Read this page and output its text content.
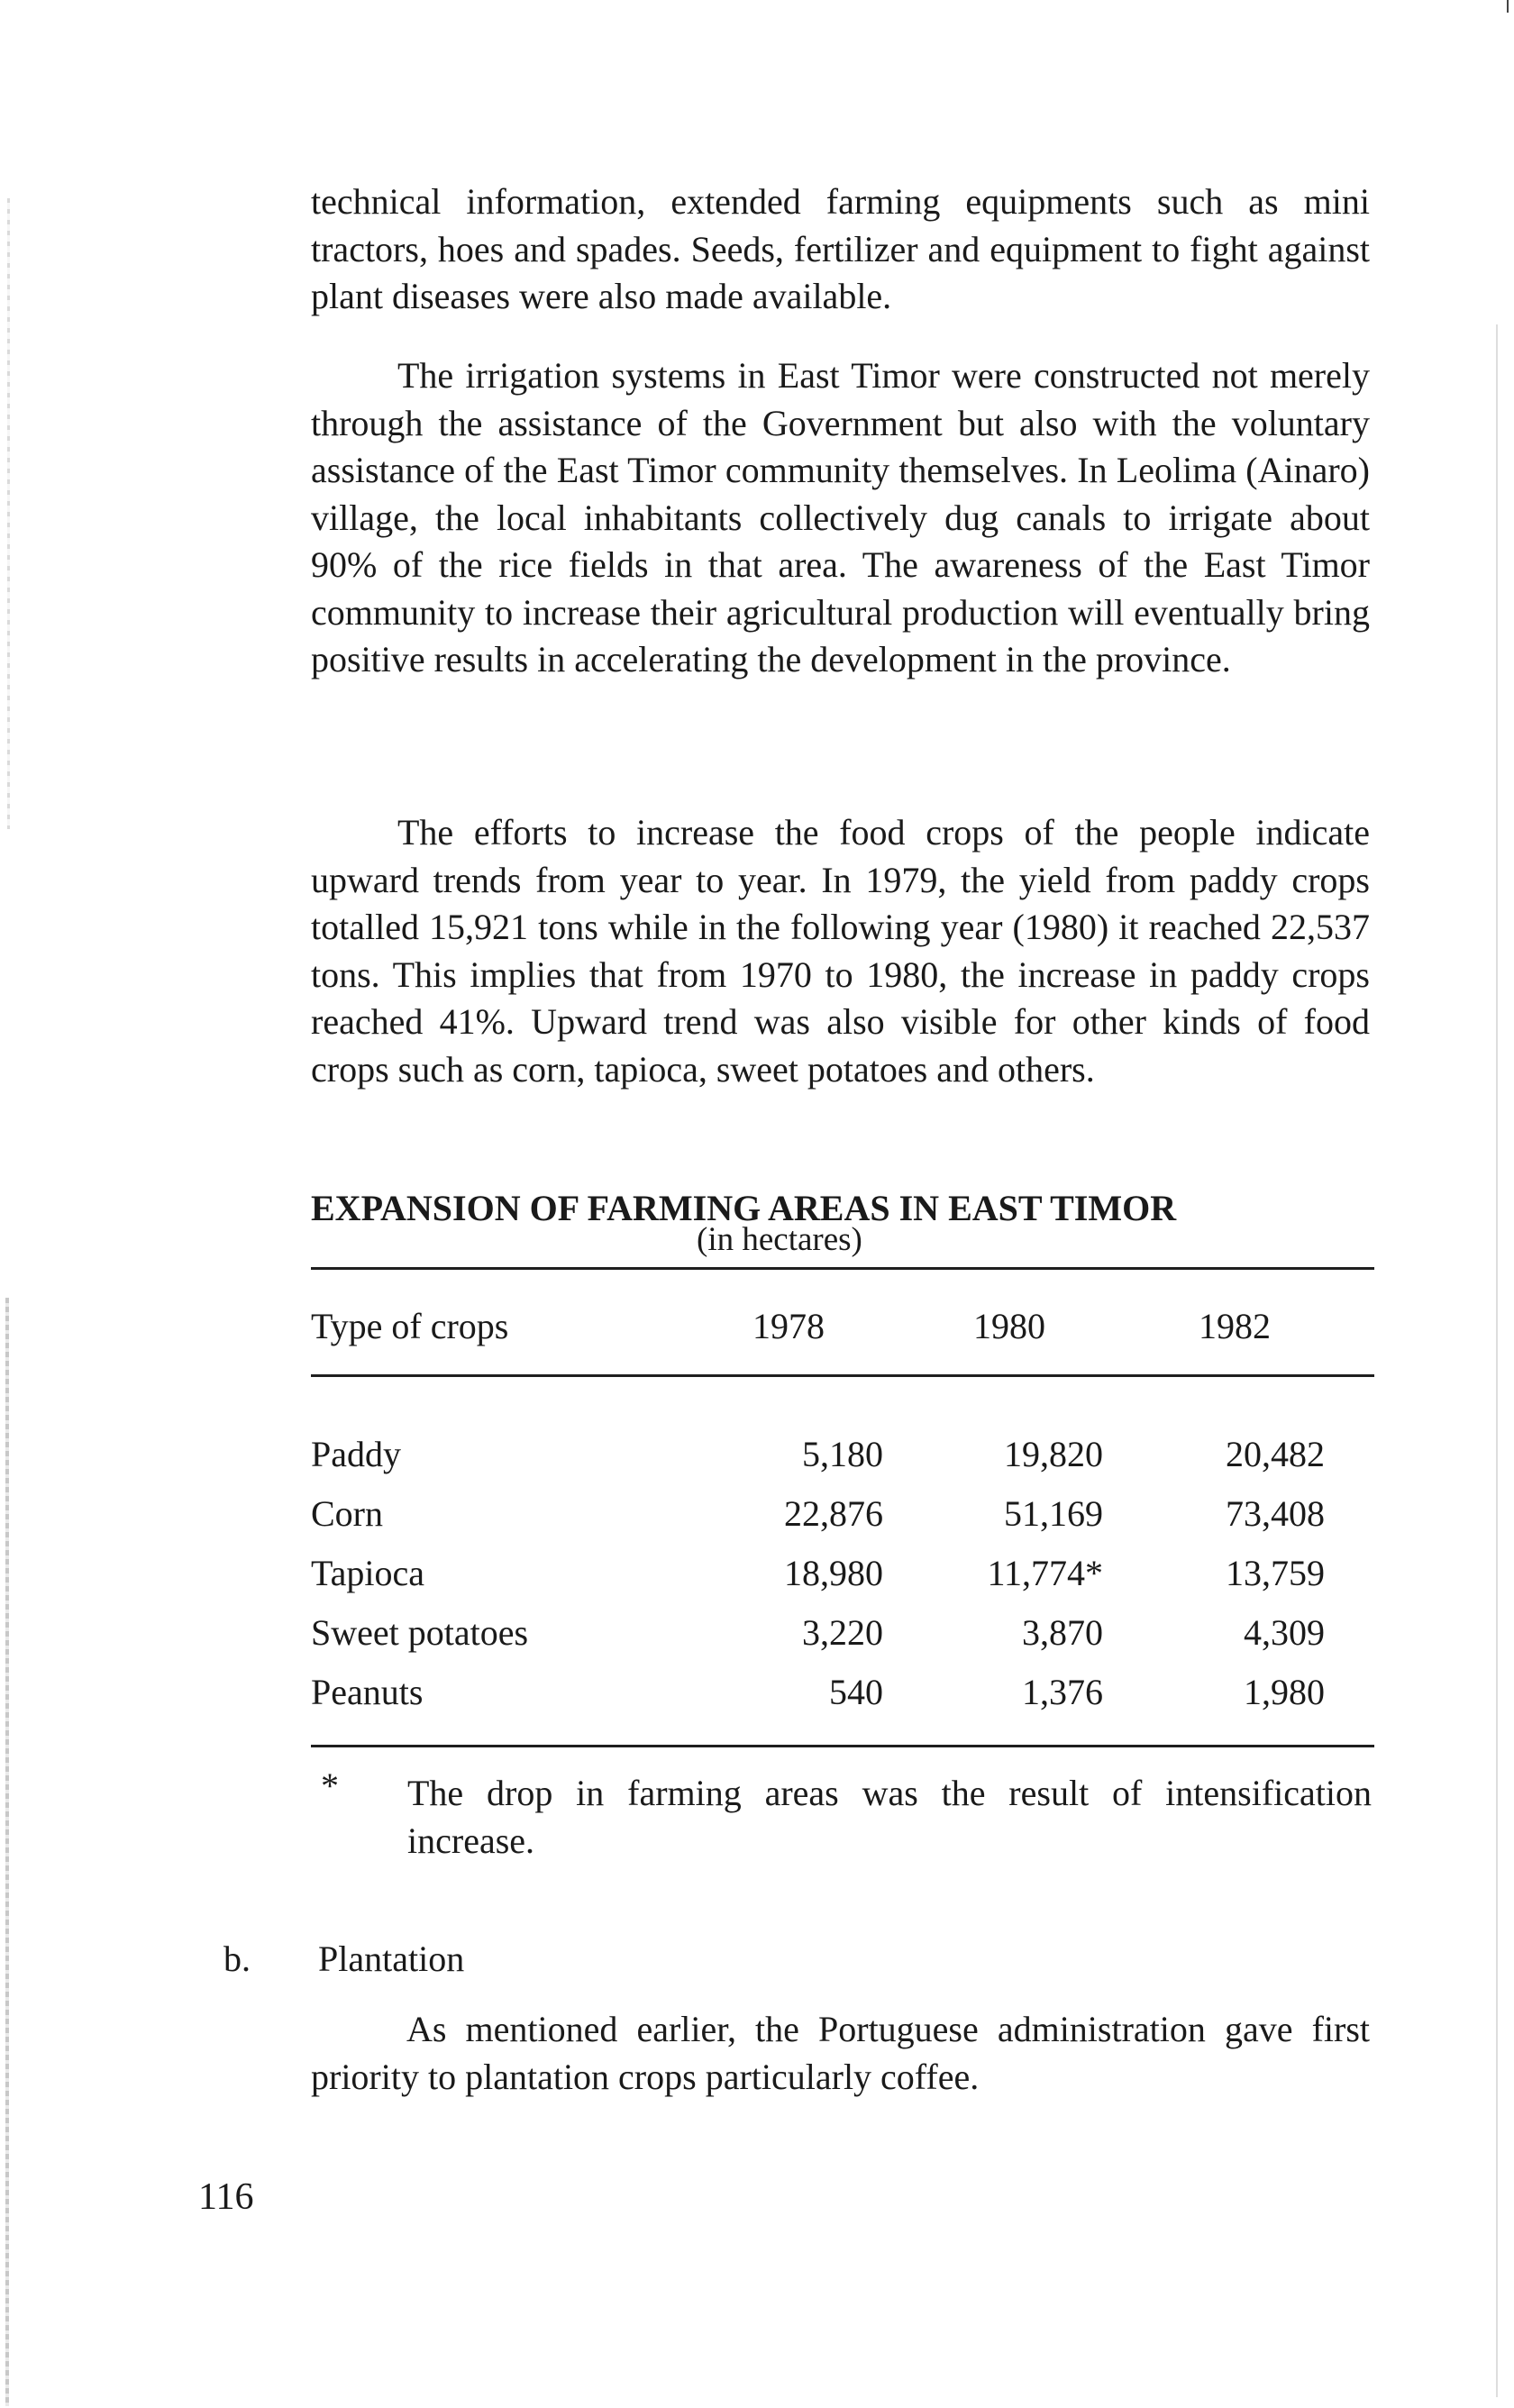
technical information, extended farming equipments such as mini tractors, hoes and spades. Seeds, fertilizer and equipment to fight against plant diseases were also made available.

The irrigation systems in East Timor were constructed not merely through the assistance of the Government but also with the voluntary assistance of the East Timor community themselves. In Leolima (Ainaro) village, the local inhabitants collectively dug canals to irrigate about 90% of the rice fields in that area. The awareness of the East Timor community to increase their agricultural production will eventually bring positive results in accelerating the development in the province.

The efforts to increase the food crops of the people indicate upward trends from year to year. In 1979, the yield from paddy crops totalled 15,921 tons while in the following year (1980) it reached 22,537 tons. This implies that from 1970 to 1980, the increase in paddy crops reached 41%. Upward trend was also visible for other kinds of food crops such as corn, tapioca, sweet potatoes and others.

EXPANSION OF FARMING AREAS IN EAST TIMOR
(in hectares)
Type of crops	1978	1980	1982
Paddy	5,180	19,820	20,482
Corn	22,876	51,169	73,408
Tapioca	18,980	11,774*	13,759
Sweet potatoes	3,220	3,870	4,309
Peanuts	540	1,376	1,980
* The drop in farming areas was the result of intensification increase.

b. Plantation

As mentioned earlier, the Portuguese administration gave first priority to plantation crops particularly coffee.

116
